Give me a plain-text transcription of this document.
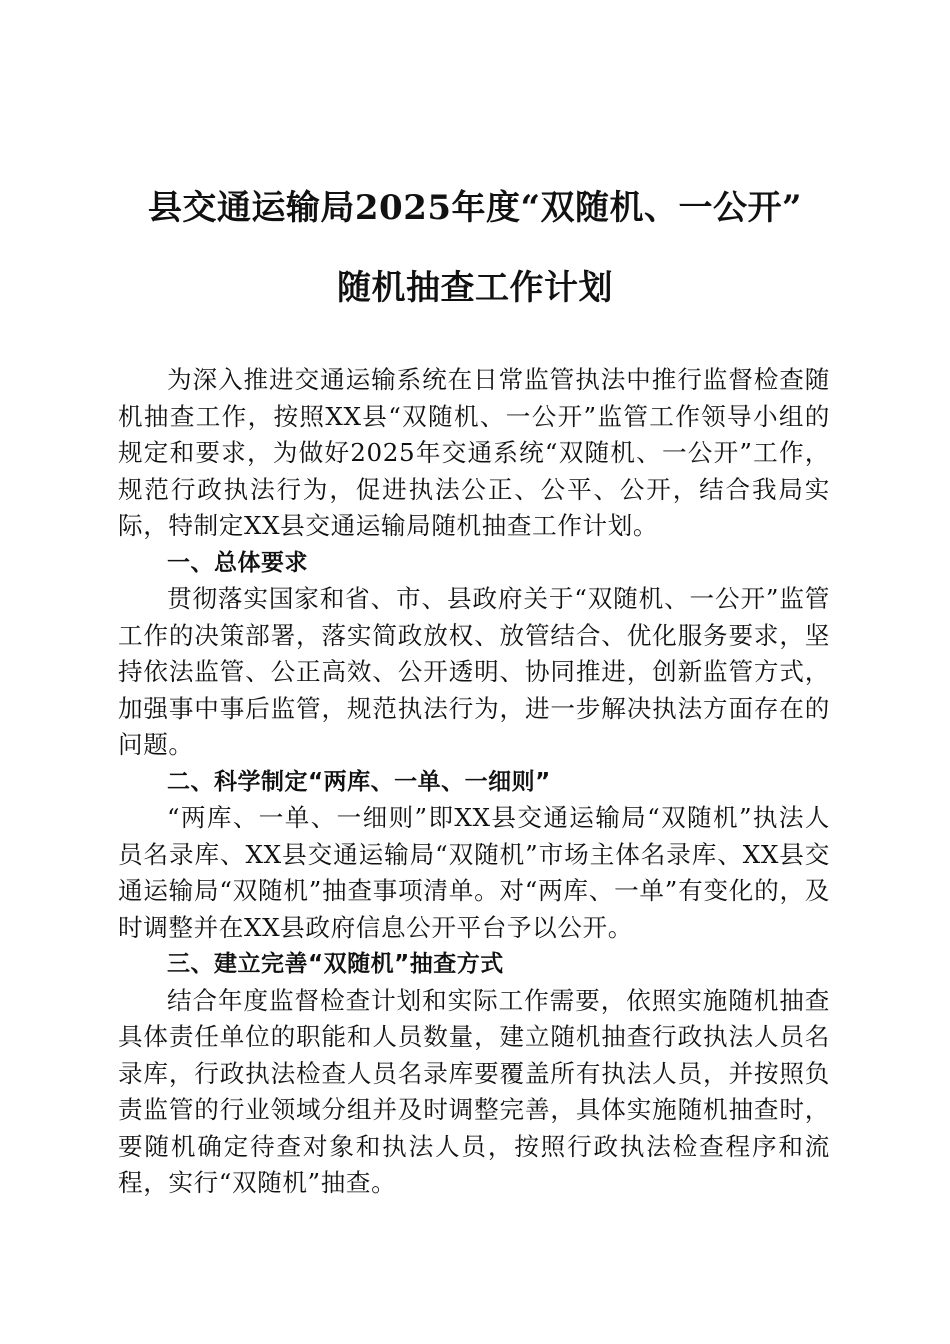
县交通运输局2025年度“双随机、一公开”
随机抽查工作计划

为深入推进交通运输系统在日常监管执法中推行监督检查随机抽查工作，按照XX县“双随机、一公开”监管工作领导小组的规定和要求，为做好2025年交通系统“双随机、一公开”工作，规范行政执法行为，促进执法公正、公平、公开，结合我局实际，特制定XX县交通运输局随机抽查工作计划。

一、总体要求

贯彻落实国家和省、市、县政府关于“双随机、一公开”监管工作的决策部署，落实简政放权、放管结合、优化服务要求，坚持依法监管、公正高效、公开透明、协同推进，创新监管方式，加强事中事后监管，规范执法行为，进一步解决执法方面存在的问题。

二、科学制定“两库、一单、一细则”

“两库、一单、一细则”即XX县交通运输局“双随机”执法人员名录库、XX县交通运输局“双随机”市场主体名录库、XX县交通运输局“双随机”抽查事项清单。对“两库、一单”有变化的，及时调整并在XX县政府信息公开平台予以公开。

三、建立完善“双随机”抽查方式

结合年度监督检查计划和实际工作需要，依照实施随机抽查具体责任单位的职能和人员数量，建立随机抽查行政执法人员名录库，行政执法检查人员名录库要覆盖所有执法人员，并按照负责监管的行业领域分组并及时调整完善，具体实施随机抽查时，要随机确定待查对象和执法人员，按照行政执法检查程序和流程，实行“双随机”抽查。
